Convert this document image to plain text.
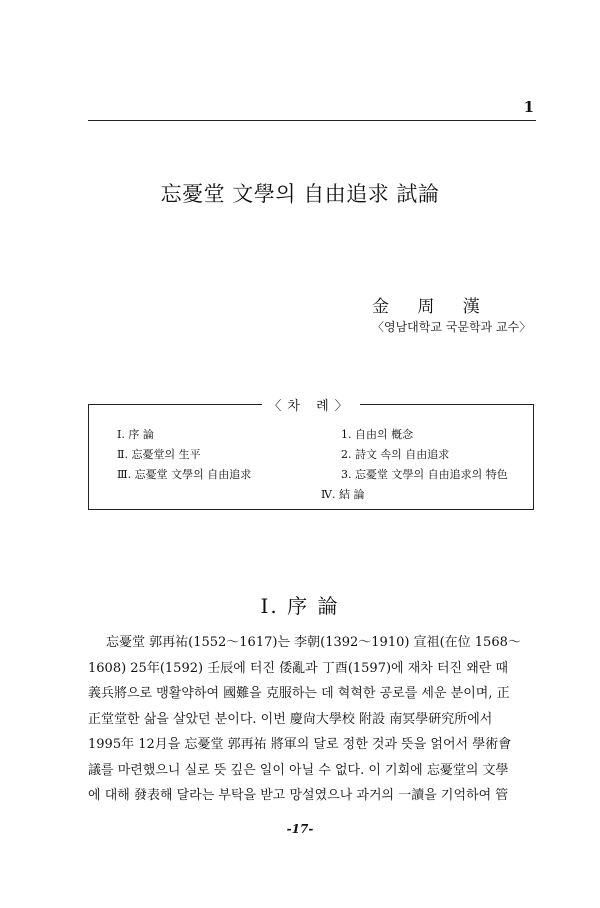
1
忘憂堂 文學의 自由追求 試論
金 周 漢
〈영남대학교 국문학과 교수〉
〈차 례〉
Ⅰ. 序 論
Ⅱ. 忘憂堂의 生平
Ⅲ. 忘憂堂 文學의 自由追求
1. 自由의 槪念
2. 詩文 속의 自由追求
3. 忘憂堂 文學의 自由追求의 特色
Ⅳ. 結 論
Ⅰ. 序 論

忘憂堂 郭再祐(1552～1617)는 李朝(1392～1910) 宣祖(在位 1568～

1608) 25年(1592) 壬辰에 터진 倭亂과 丁酉(1597)에 재차 터진 왜란 때

義兵將으로 맹활약하여 國難을 克服하는 데 혁혁한 공로를 세운 분이며, 正

正堂堂한 삶을 살았던 분이다. 이번 慶尙大學校 附設 南冥學硏究所에서

1995年 12月을 忘憂堂 郭再祐 將軍의 달로 정한 것과 뜻을 얽어서 學術會

議를 마련했으니 실로 뜻 깊은 일이 아닐 수 없다. 이 기회에 忘憂堂의 文學

에 대해 發表해 달라는 부탁을 받고 망설였으나 과거의 一讀을 기억하여 管

-17-
